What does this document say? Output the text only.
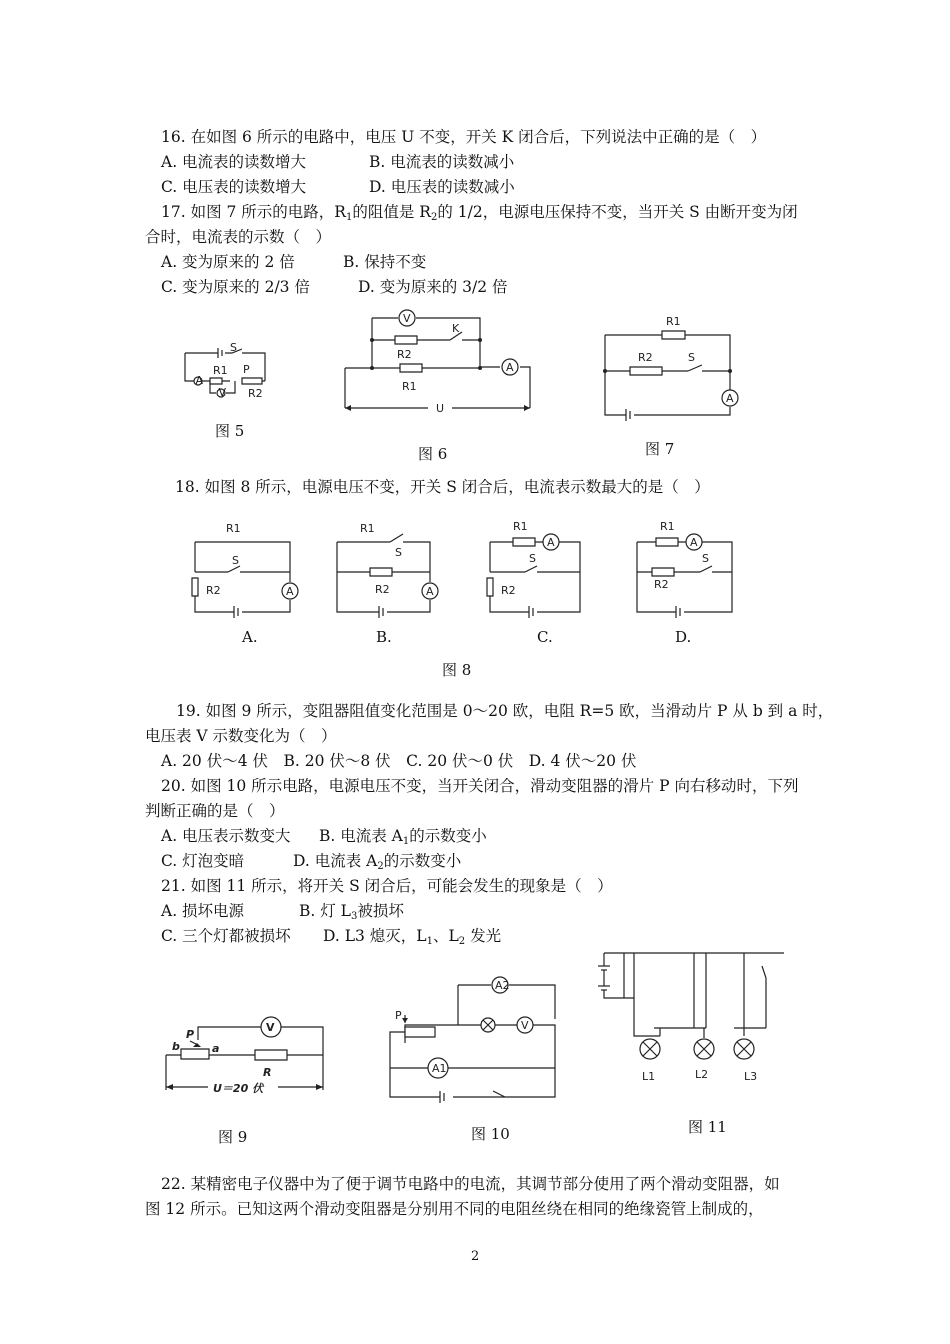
16. 在如图 6 所示的电路中，电压 U 不变，开关 K 闭合后，下列说法中正确的是（　）
A. 电流表的读数增大	B. 电流表的读数减小
C. 电压表的读数增大	D. 电压表的读数减小
17. 如图 7 所示的电路，$R_1$的阻值是 $R_2$的 1/2，电源电压保持不变，当开关 S 由断开变为闭
合时，电流表的示数（　）
A. 变为原来的 2 倍	B. 保持不变
C. 变为原来的 2/3 倍	D. 变为原来的 3/2 倍
A
V
S
R1 P
R2
图 5
V
A
K
R2
R1
U
图 6
A
R1
R2	S
图 7
18. 如图 8 所示，电源电压不变，开关 S 闭合后，电流表示数最大的是（　）
A
R1
S
R2
A.
A
R1
S
R2
B.
A
R1
S
R2
C.
A
R1
S
R2
D.
图 8
19. 如图 9 所示，变阻器阻值变化范围是 0～20 欧，电阻 R=5 欧，当滑动片 P 从 b 到 a 时，
电压表 V 示数变化为（　）
A. 20 伏～4 伏　B. 20 伏～8 伏　C. 20 伏～0 伏　D. 4 伏～20 伏
20. 如图 10 所示电路，电源电压不变，当开关闭合，滑动变阻器的滑片 P 向右移动时，下列
判断正确的是（　）
A. 电压表示数变大 B. 电流表 $A_1$的示数变小
C. 灯泡变暗	D. 电流表 $A_2$的示数变小
21. 如图 11 所示，将开关 S 闭合后，可能会发生的现象是（　）
A. 损坏电源	B. 灯 $L_3$被损坏
C. 三个灯都被损坏 D. L3 熄灭，$L_1$、$L_2$ 发光
V
P
b	a
R
U＝20 伏
图 9
A2
V
A1
P
图 10
L1	L2	L3
图 11
22. 某精密电子仪器中为了便于调节电路中的电流，其调节部分使用了两个滑动变阻器，如
图 12 所示。已知这两个滑动变阻器是分别用不同的电阻丝绕在相同的绝缘瓷管上制成的，
2
